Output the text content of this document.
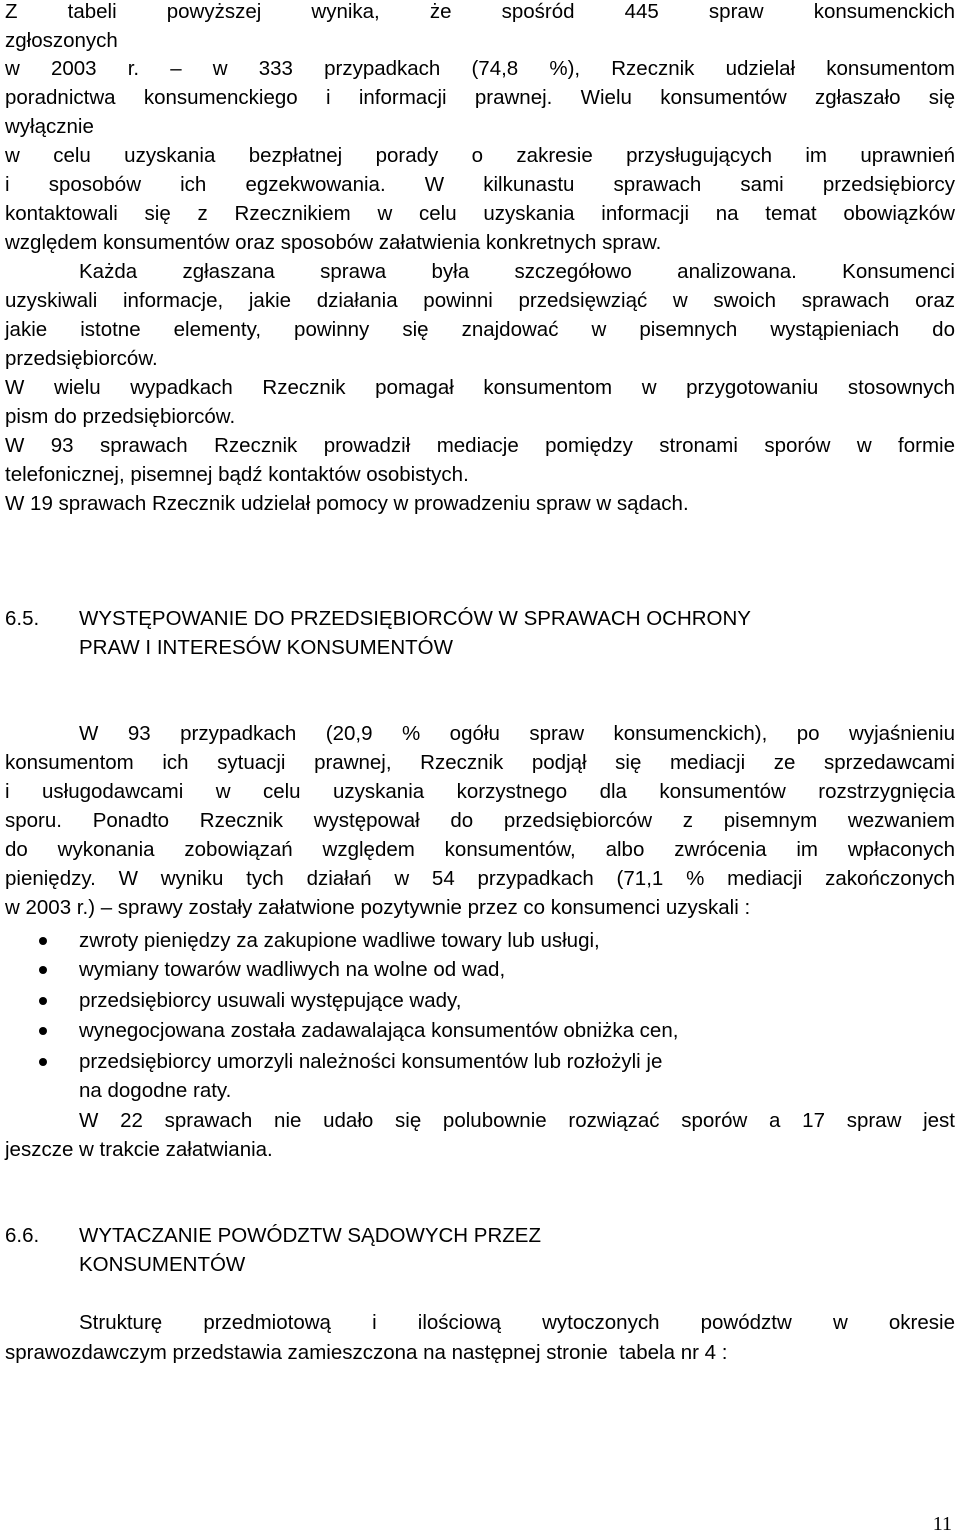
Z tabeli powyższej wynika, że spośród 445 spraw konsumenckich
zgłoszonych
w 2003 r. – w 333 przypadkach (74,8 %), Rzecznik udzielał konsumentom
poradnictwa konsumenckiego i informacji prawnej. Wielu konsumentów zgłaszało się
wyłącznie
w celu uzyskania bezpłatnej porady o zakresie przysługujących im uprawnień
i sposobów ich egzekwowania. W kilkunastu sprawach sami przedsiębiorcy
kontaktowali się z Rzecznikiem w celu uzyskania informacji na temat obowiązków
względem konsumentów oraz sposobów załatwienia konkretnych spraw.
Każda zgłaszana sprawa była szczegółowo analizowana. Konsumenci
uzyskiwali informacje, jakie działania powinni przedsięwziąć w swoich sprawach oraz
jakie istotne elementy, powinny się znajdować w pisemnych wystąpieniach do
przedsiębiorców.
W wielu wypadkach Rzecznik pomagał konsumentom w przygotowaniu stosownych
pism do przedsiębiorców.
W 93 sprawach Rzecznik prowadził mediacje pomiędzy stronami sporów w formie
telefonicznej, pisemnej bądź kontaktów osobistych.
W 19 sprawach Rzecznik udzielał pomocy w prowadzeniu spraw w sądach.
6.5. WYSTĘPOWANIE DO PRZEDSIĘBIORCÓW W SPRAWACH OCHRONY
PRAW I INTERESÓW KONSUMENTÓW
W 93 przypadkach (20,9 % ogółu spraw konsumenckich), po wyjaśnieniu
konsumentom ich sytuacji prawnej, Rzecznik podjął się mediacji ze sprzedawcami
i usługodawcami w celu uzyskania korzystnego dla konsumentów rozstrzygnięcia
sporu. Ponadto Rzecznik występował do przedsiębiorców z pisemnym wezwaniem
do wykonania zobowiązań względem konsumentów, albo zwrócenia im wpłaconych
pieniędzy. W wyniku tych działań w 54 przypadkach (71,1 % mediacji zakończonych
w 2003 r.) – sprawy zostały załatwione pozytywnie przez co konsumenci uzyskali :
zwroty pieniędzy za zakupione wadliwe towary lub usługi,
wymiany towarów wadliwych na wolne od wad,
przedsiębiorcy usuwali występujące wady,
wynegocjowana została zadawalająca konsumentów obniżka cen,
przedsiębiorcy umorzyli należności konsumentów lub rozłożyli je
na dogodne raty.
W 22 sprawach nie udało się polubownie rozwiązać sporów a 17 spraw jest
jeszcze w trakcie załatwiania.
6.6. WYTACZANIE POWÓDZTW SĄDOWYCH PRZEZ
KONSUMENTÓW
Strukturę przedmiotową i ilościową wytoczonych powództw w okresie
sprawozdawczym przedstawia zamieszczona na następnej stronie  tabela nr 4 :
11
